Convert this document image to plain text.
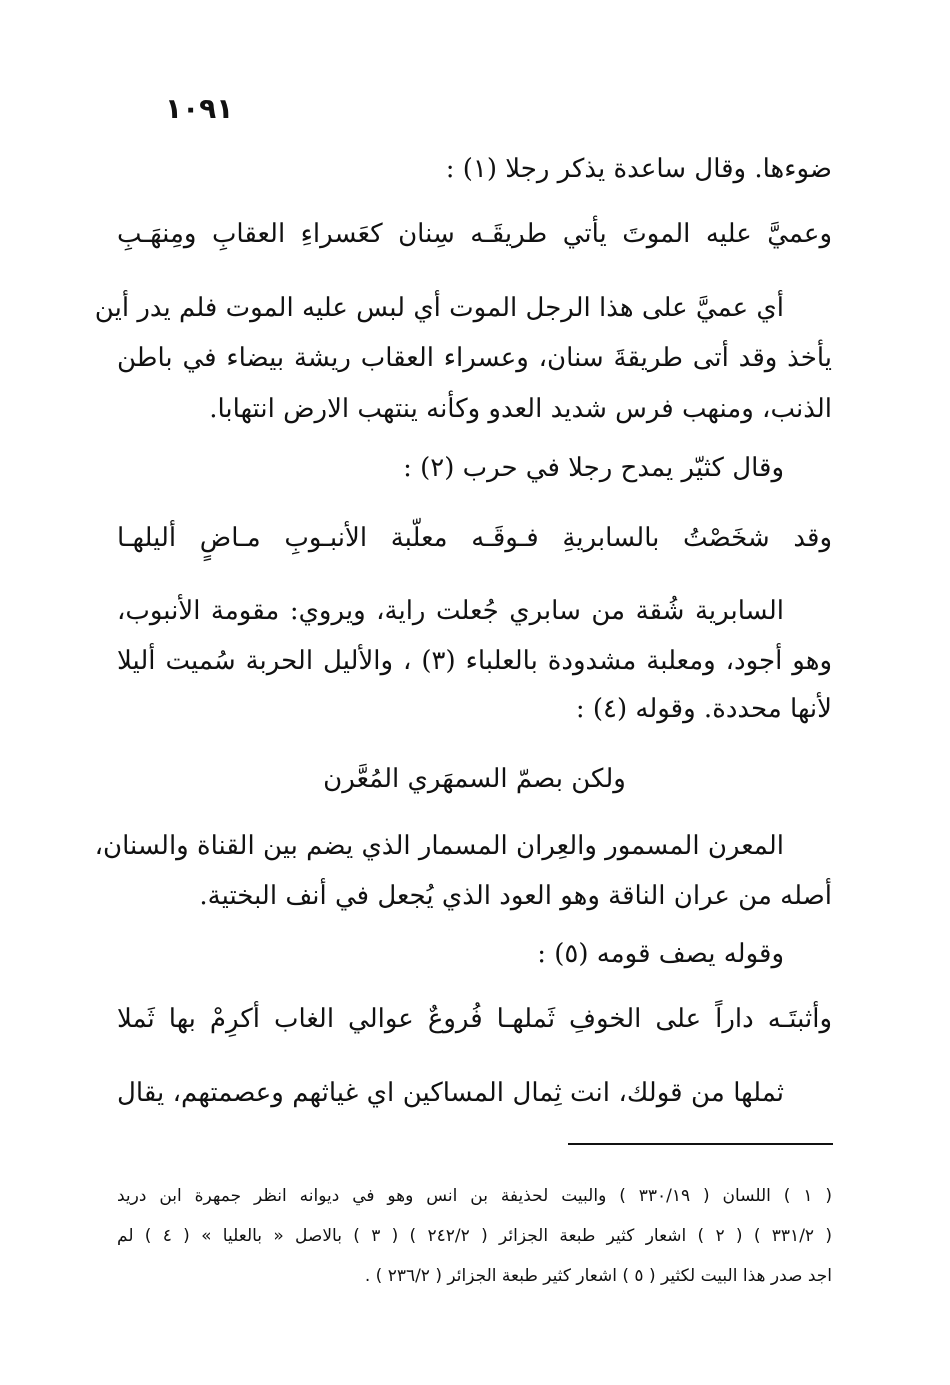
١٠٩١
ضوءها. وقال ساعدة يذكر رجلا (١) :
وعميَّ عليه الموتَ يأتي طريقَـه سِنان كعَسراءِ العقابِ ومِنهَـبِ
أي عميَّ على هذا الرجل الموت أي لبس عليه الموت فلم يدر أين
يأخذ وقد أتى طريقةَ سنان، وعسراء العقاب ريشة بيضاء في باطن
الذنب، ومنهب فرس شديد العدو وكأنه ينتهب الارض انتهابا.
وقال كثيّر يمدح رجلا في حرب (٢) :
وقد شخَصْتُ بالسابريةِ فـوقَـه معلّبة الأنبـوبِ مـاضٍ أليلهـا
السابرية شُقة من سابري جُعلت راية، ويروي: مقومة الأنبوب،
وهو أجود، ومعلبة مشدودة بالعلباء (٣) ، والأليل الحربة سُميت أليلا
لأنها محددة. وقوله (٤) :
ولكن بصمّ السمهَري المُعَّرن
المعرن المسمور والعِران المسمار الذي يضم بين القناة والسنان،
أصله من عران الناقة وهو العود الذي يُجعل في أنف البختية.
وقوله يصف قومه (٥) :
وأثبتَـه داراً على الخوفِ ثَملهـا فُروعٌ عوالي الغاب أكرِمْ بها ثَملا
ثملها من قولك، انت ثِمال المساكين اي غياثهم وعصمتهم، يقال
( ١ ) اللسان ( ٣٣٠/١٩ ) والبيت لحذيفة بن انس وهو في ديوانه انظر جمهرة ابن دريد
( ٣٣١/٢ ) ( ٢ ) اشعار كثير طبعة الجزائر ( ٢٤٢/٢ ) ( ٣ ) بالاصل « بالعليا » ( ٤ ) لم
اجد صدر هذا البيت لكثير ( ٥ ) اشعار كثير طبعة الجزائر ( ٢٣٦/٢ ) .
